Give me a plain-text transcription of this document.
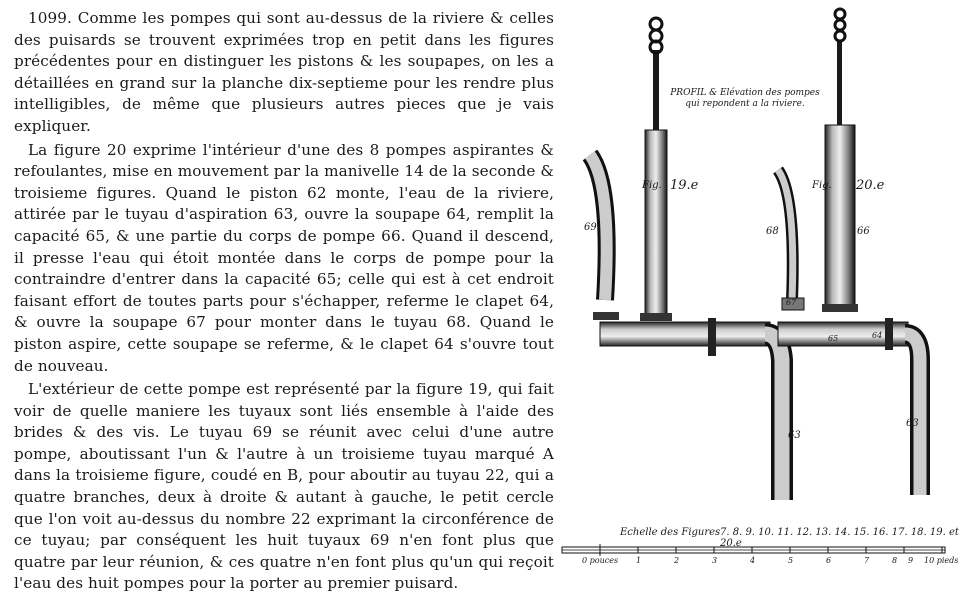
1099. Comme les pompes qui sont au-dessus de la riviere & celles des puisards se trouvent exprimées trop en petit dans les figures précédentes pour en distinguer les pistons & les soupapes, on les a détaillées en grand sur la planche dix-septieme pour les rendre plus intelligibles, de même que plusieurs autres pieces que je vais expliquer.

La figure 20 exprime l'intérieur d'une des 8 pompes aspirantes & refoulantes, mise en mouvement par la manivelle 14 de la seconde & troisieme figures. Quand le piston 62 monte, l'eau de la riviere, attirée par le tuyau d'aspiration 63, ouvre la soupape 64, remplit la capacité 65, & une partie du corps de pompe 66. Quand il descend, il presse l'eau qui étoit montée dans le corps de pompe pour la contraindre d'entrer dans la capacité 65; celle qui est à cet endroit faisant effort de toutes parts pour s'échapper, referme le clapet 64, & ouvre la soupape 67 pour monter dans le tuyau 68. Quand le piston aspire, cette soupape se referme, & le clapet 64 s'ouvre tout de nouveau.

L'extérieur de cette pompe est représenté par la figure 19, qui fait voir de quelle maniere les tuyaux sont liés ensemble à l'aide des brides & des vis. Le tuyau 69 se réunit avec celui d'une autre pompe, aboutissant l'un & l'autre à un troisieme tuyau marqué A dans la troisieme figure, coudé en B, pour aboutir au tuyau 22, qui a quatre branches, deux à droite & autant à gauche, le petit cercle que l'on voit au-dessus du nombre 22 exprimant la circonférence de ce tuyau; par conséquent les huit tuyaux 69 n'en font plus que quatre par leur réunion, & ces quatre n'en font plus qu'un qui reçoit l'eau des huit pompes pour la porter au premier puisard.

PROFIL & Elévation des pompes
qui repondent a la riviere.
Fig. 19.e	Fig. 20.e
69
63
68	66
67
65	64
63
Echelle des Figures 7. 8. 9. 10. 11. 12. 13. 14. 15. 16. 17. 18. 19. et 20.e
0 pouces 1	2	3	4	5	6	7	8 9 10 pieds
